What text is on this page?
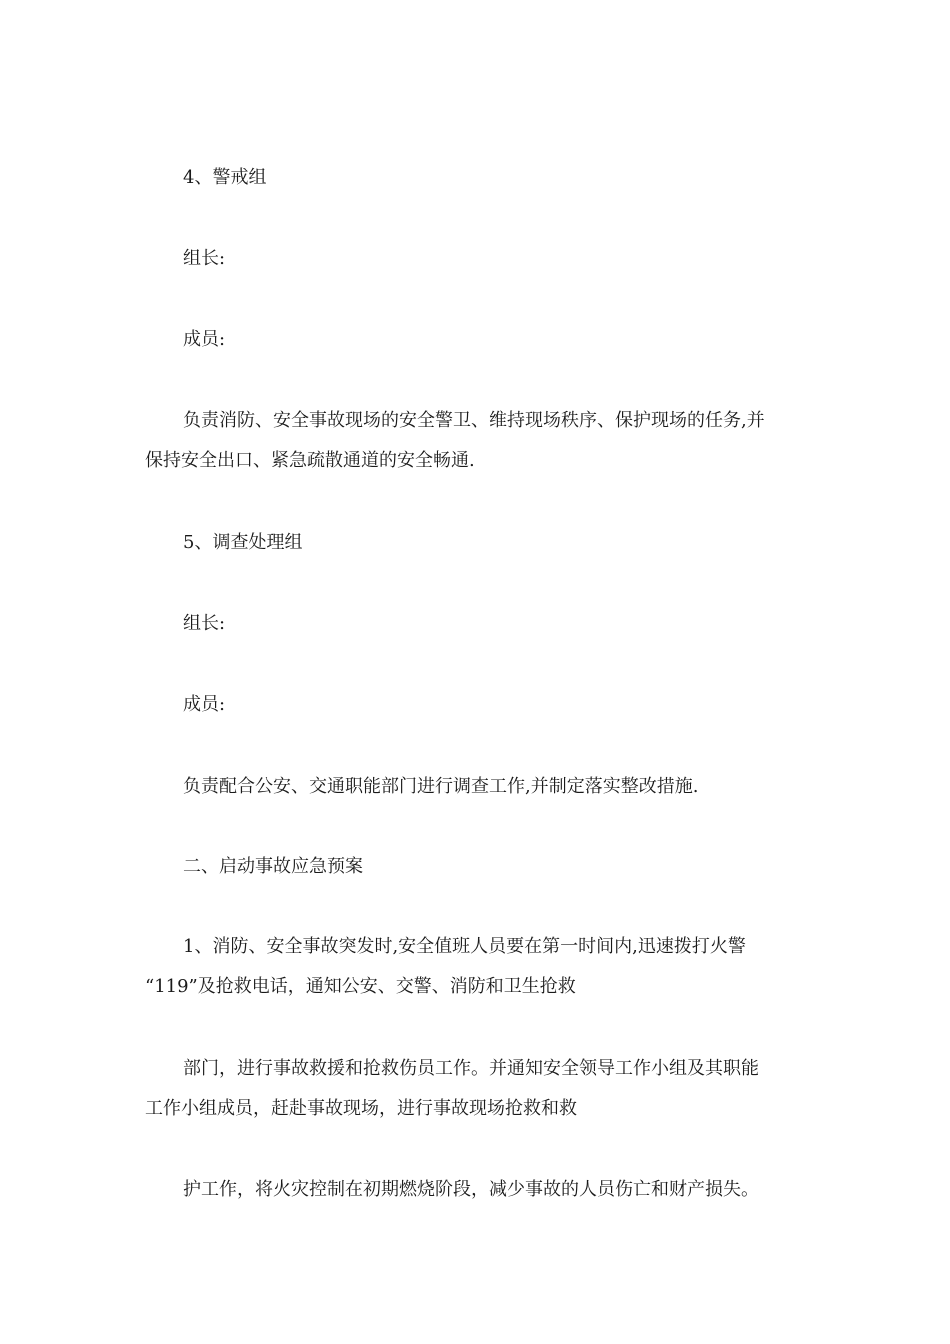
4、警戒组
组长:
成员:
负责消防、安全事故现场的安全警卫、维持现场秩序、保护现场的任务,并
保持安全出口、紧急疏散通道的安全畅通.
5、调查处理组
组长:
成员:
负责配合公安、交通职能部门进行调查工作,并制定落实整改措施.
二、启动事故应急预案
1、消防、安全事故突发时,安全值班人员要在第一时间内,迅速拨打火警
“119”及抢救电话，通知公安、交警、消防和卫生抢救
部门，进行事故救援和抢救伤员工作。并通知安全领导工作小组及其职能
工作小组成员，赶赴事故现场，进行事故现场抢救和救
护工作，将火灾控制在初期燃烧阶段，减少事故的人员伤亡和财产损失。
